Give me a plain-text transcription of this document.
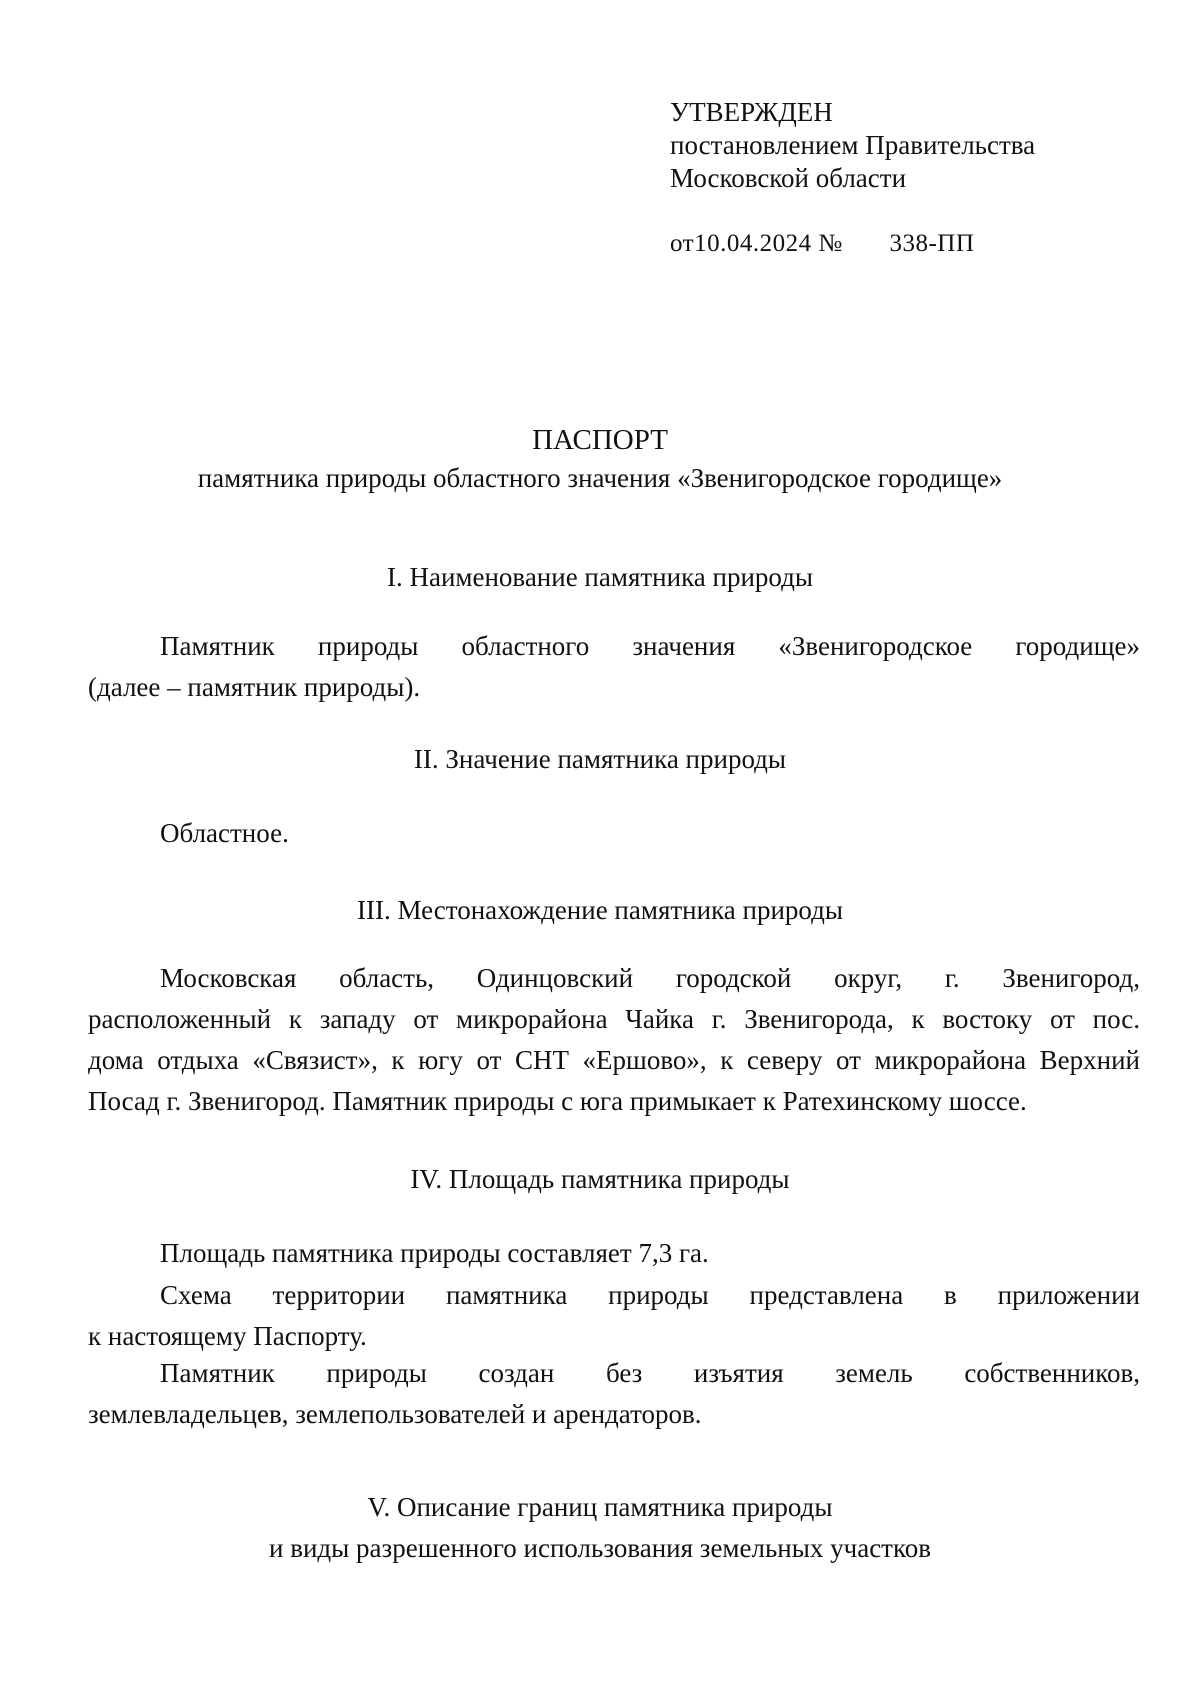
УТВЕРЖДЕН
постановлением Правительства
Московской области
от10.04.2024 № 338-ПП
ПАСПОРТ
памятника природы областного значения «Звенигородское городище»
I. Наименование памятника природы
Памятник природы областного значения «Звенигородское городище»
(далее – памятник природы).
II. Значение памятника природы
Областное.
III. Местонахождение памятника природы
Московская область, Одинцовский городской округ, г. Звенигород,
расположенный к западу от микрорайона Чайка г. Звенигорода, к востоку от пос.
дома отдыха «Связист», к югу от СНТ «Ершово», к северу от микрорайона Верхний
Посад г. Звенигород. Памятник природы с юга примыкает к Ратехинскому шоссе.
IV. Площадь памятника природы
Площадь памятника природы составляет 7,3 га.
Схема территории памятника природы представлена в приложении
к настоящему Паспорту.
Памятник природы создан без изъятия земель собственников,
землевладельцев, землепользователей и арендаторов.
V. Описание границ памятника природы
и виды разрешенного использования земельных участков
